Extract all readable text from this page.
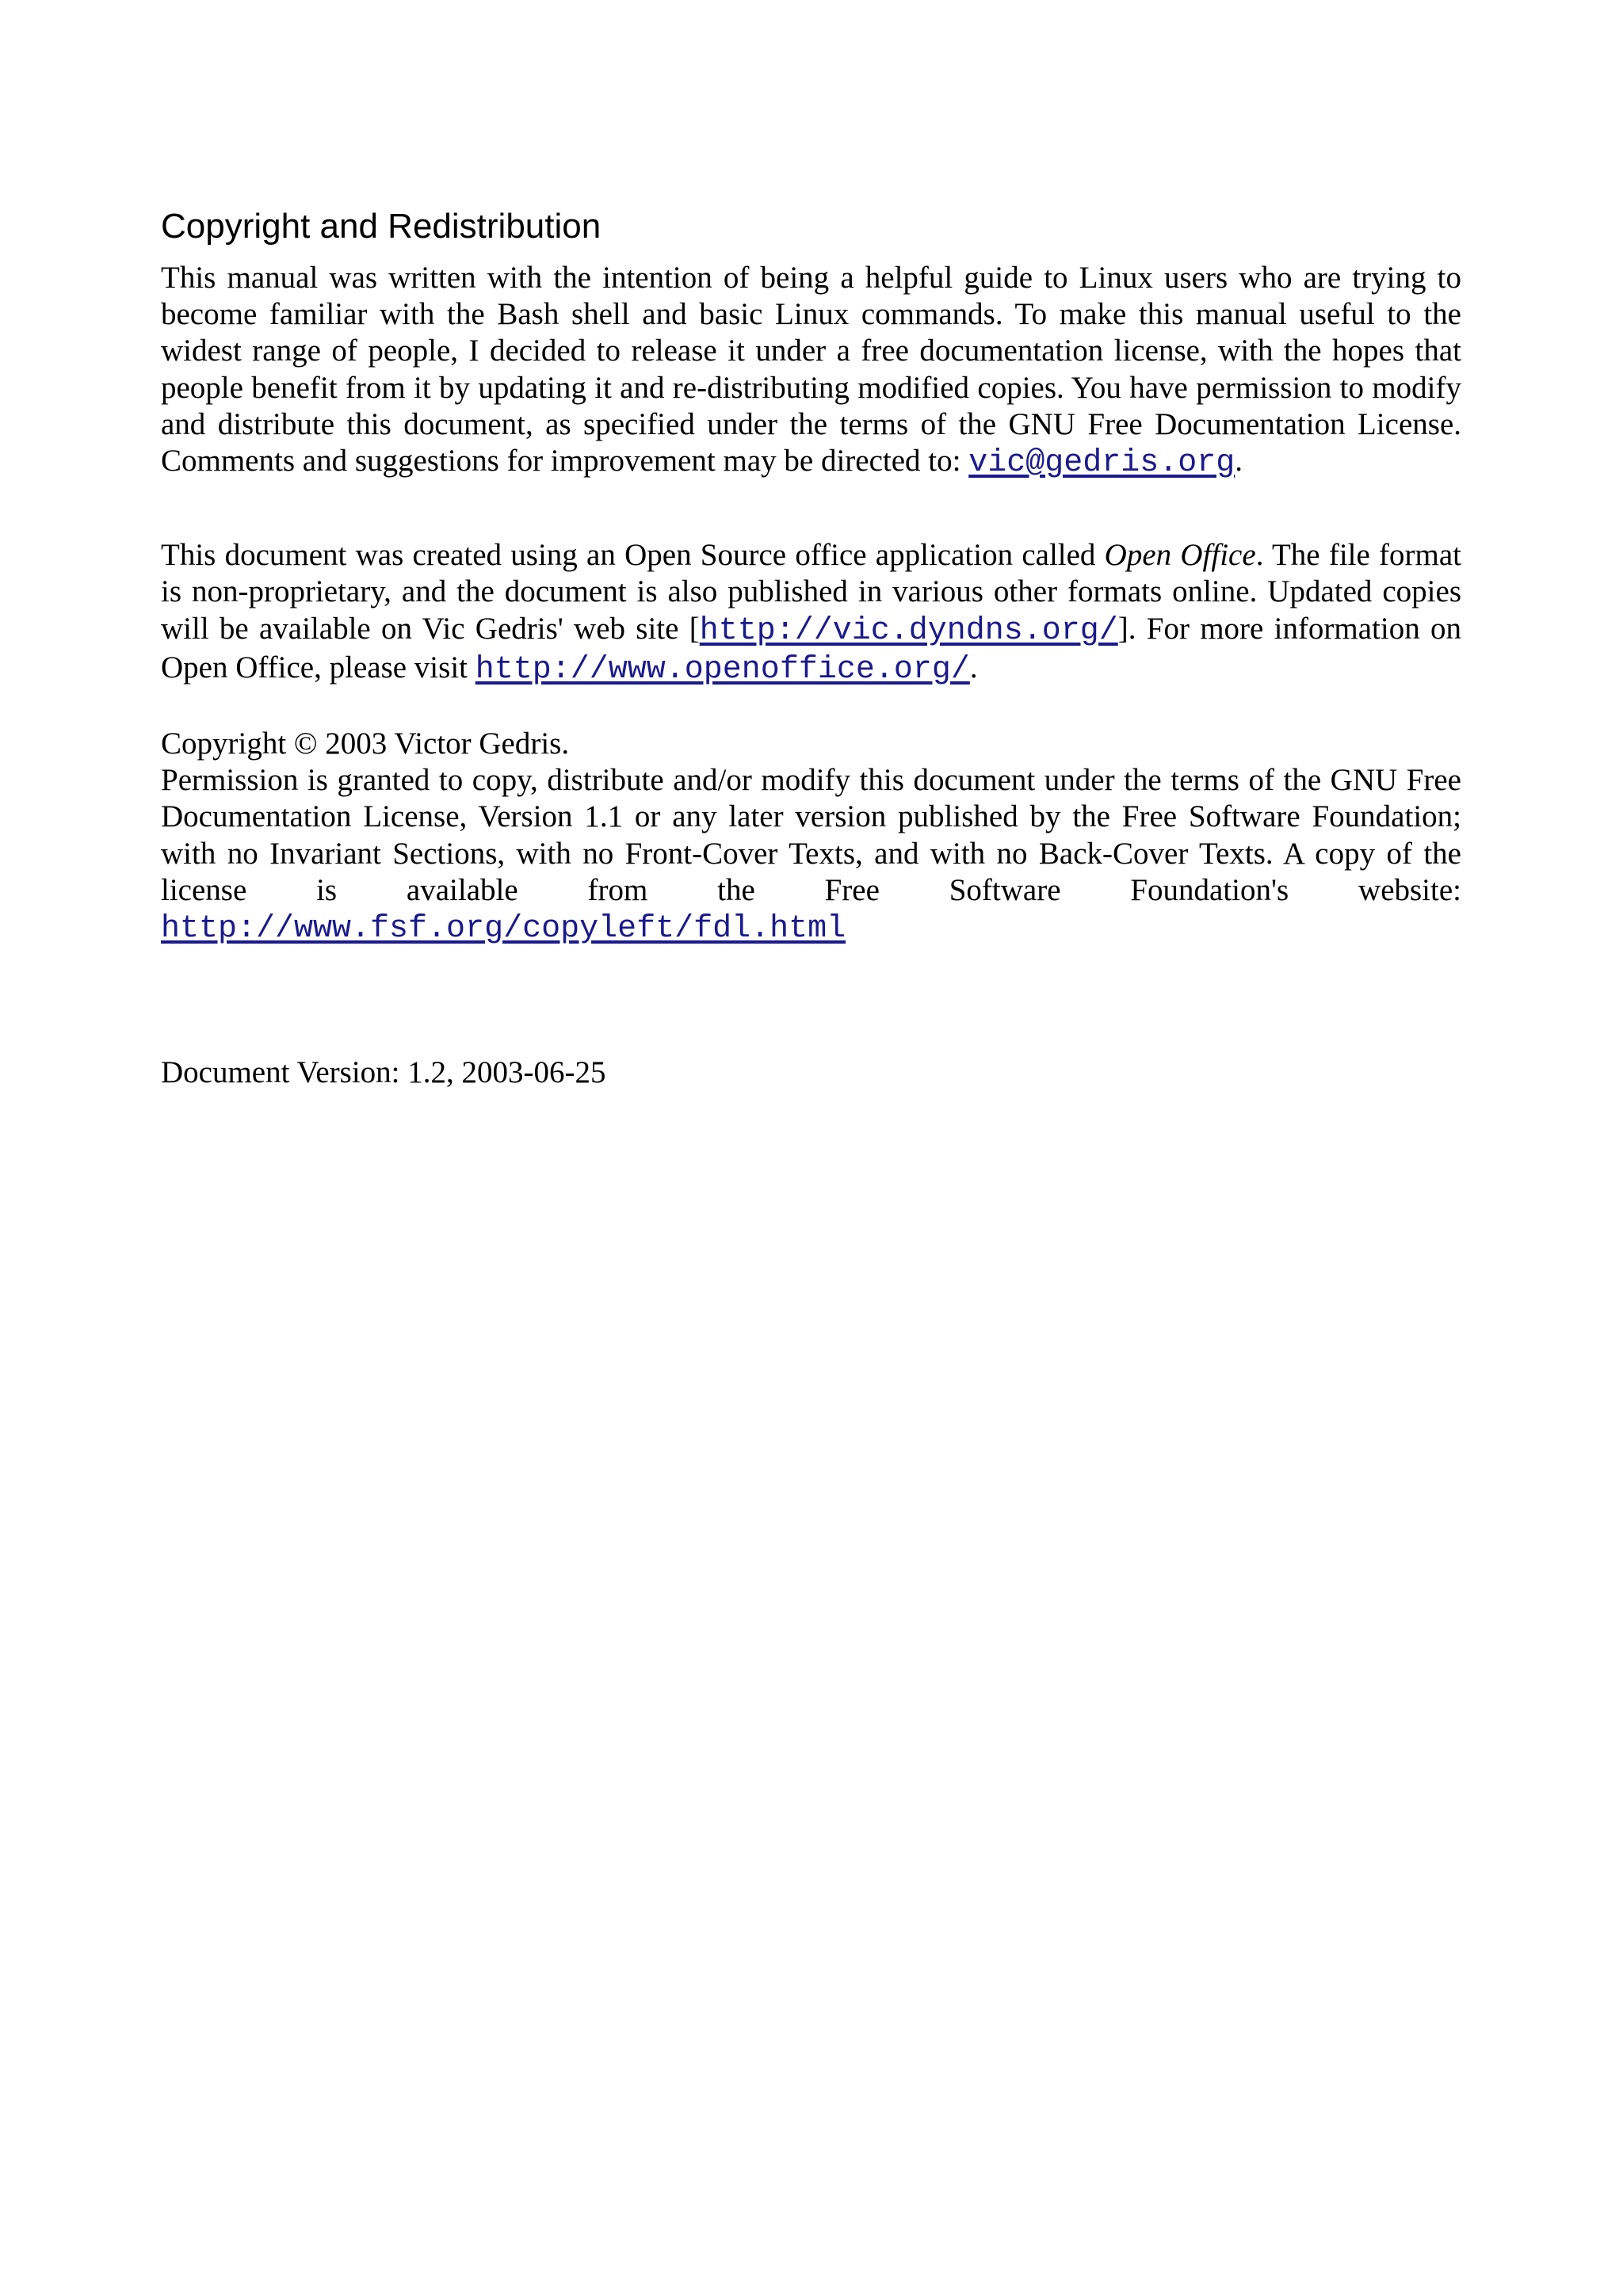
Copyright and Redistribution

This manual was written with the intention of being a helpful guide to Linux users who are trying to become familiar with the Bash shell and basic Linux commands. To make this manual useful to the widest range of people, I decided to release it under a free documentation license, with the hopes that people benefit from it by updating it and re-distributing modified copies. You have permission to modify and distribute this document, as specified under the terms of the GNU Free Documentation License. Comments and suggestions for improvement may be directed to: vic@gedris.org.

This document was created using an Open Source office application called Open Office. The file format is non-proprietary, and the document is also published in various other formats online. Updated copies will be available on Vic Gedris' web site [http://vic.dyndns.org/]. For more information on Open Office, please visit http://www.openoffice.org/.

Copyright © 2003 Victor Gedris.
Permission is granted to copy, distribute and/or modify this document under the terms of the GNU Free Documentation License, Version 1.1 or any later version published by the Free Software Foundation; with no Invariant Sections, with no Front-Cover Texts, and with no Back-Cover Texts. A copy of the license is available from the Free Software Foundation's website: http://www.fsf.org/copyleft/fdl.html

Document Version: 1.2, 2003-06-25
